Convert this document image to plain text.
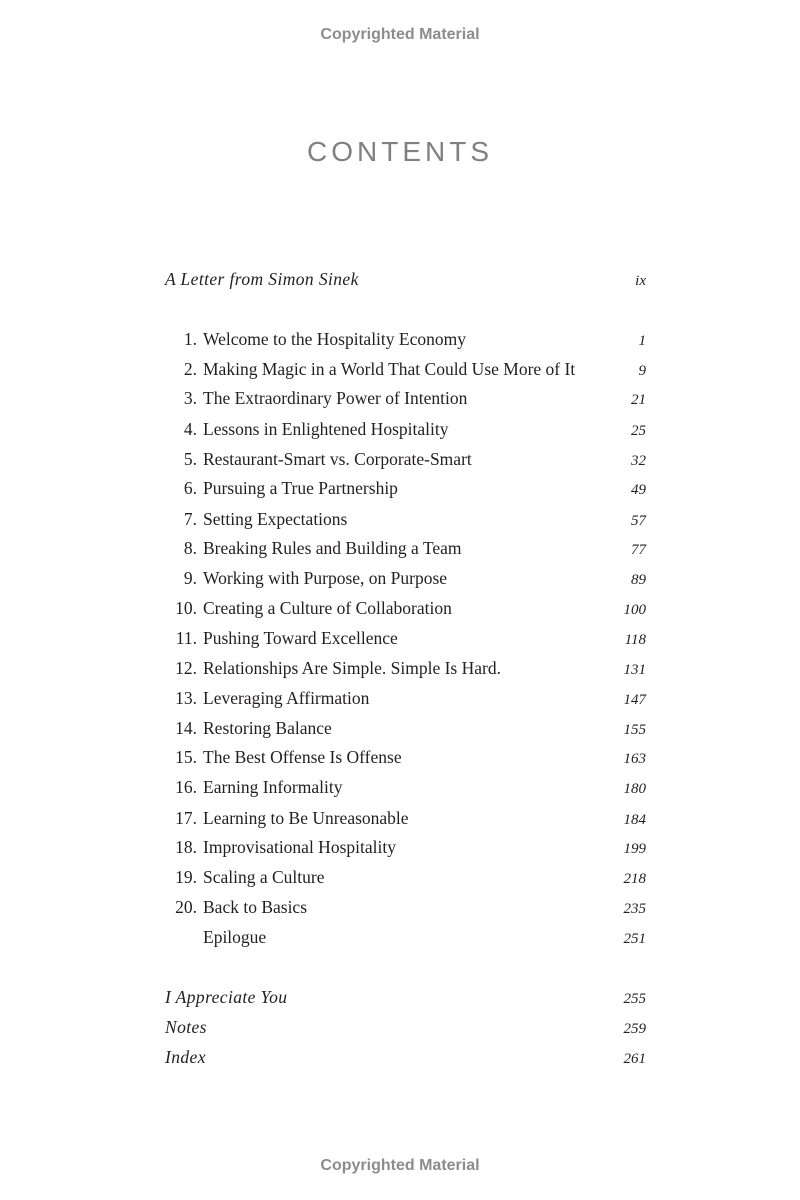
Copyrighted Material
CONTENTS
A Letter from Simon Sinek	ix
1. Welcome to the Hospitality Economy	1
2. Making Magic in a World That Could Use More of It	9
3. The Extraordinary Power of Intention	21
4. Lessons in Enlightened Hospitality	25
5. Restaurant-Smart vs. Corporate-Smart	32
6. Pursuing a True Partnership	49
7. Setting Expectations	57
8. Breaking Rules and Building a Team	77
9. Working with Purpose, on Purpose	89
10. Creating a Culture of Collaboration	100
11. Pushing Toward Excellence	118
12. Relationships Are Simple. Simple Is Hard.	131
13. Leveraging Affirmation	147
14. Restoring Balance	155
15. The Best Offense Is Offense	163
16. Earning Informality	180
17. Learning to Be Unreasonable	184
18. Improvisational Hospitality	199
19. Scaling a Culture	218
20. Back to Basics	235
Epilogue	251
I Appreciate You	255
Notes	259
Index	261
Copyrighted Material
